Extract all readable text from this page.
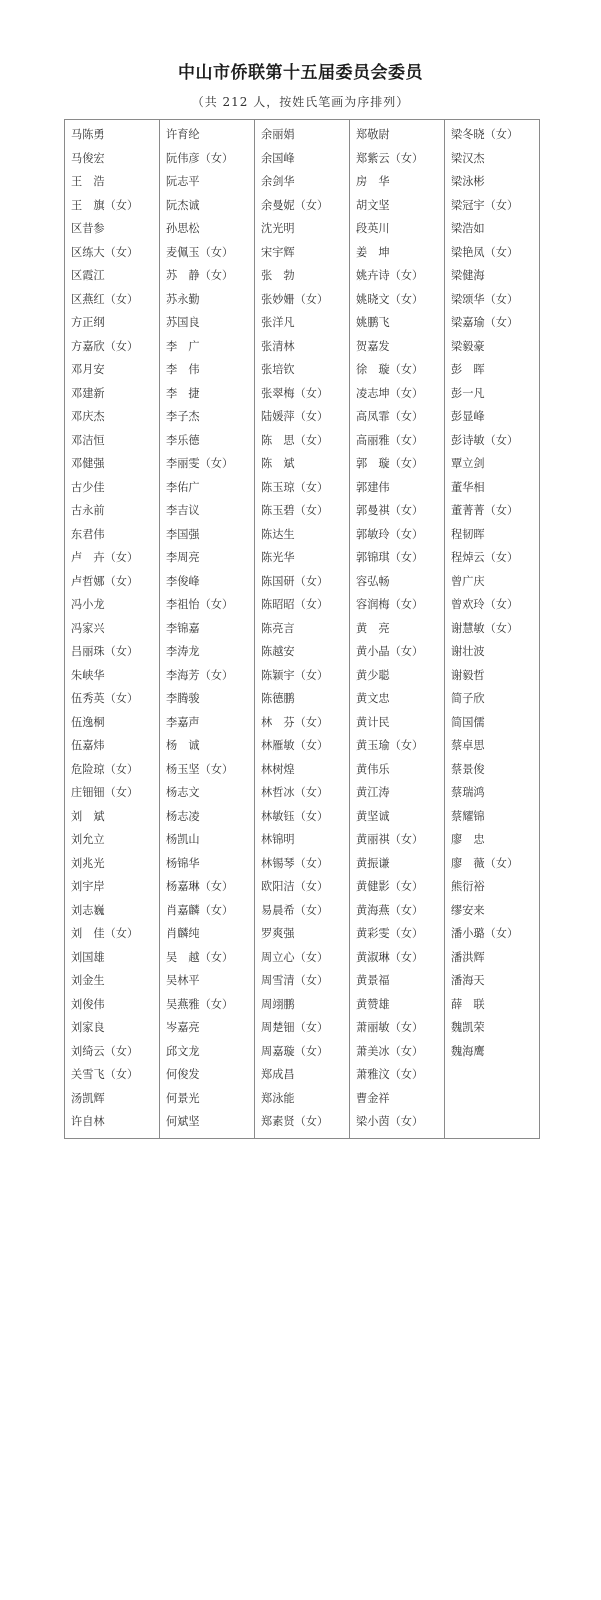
中山市侨联第十五届委员会委员
（共 212 人，按姓氏笔画为序排列）
马陈勇
马俊宏
王　浩
王　旗（女）
区昔参
区练大（女）
区霞江
区燕红（女）
方正纲
方嘉欣（女）
邓月安
邓建新
邓庆杰
邓洁恒
邓健强
古少佳
古永前
东君伟
卢　卉（女）
卢哲娜（女）
冯小龙
冯家兴
吕丽珠（女）
朱峡华
伍秀英（女）
伍逸桐
伍嘉炜
危险琼（女）
庄钿钿（女）
刘　斌
刘允立
刘兆光
刘宇岸
刘志巍
刘　佳（女）
刘国雄
刘金生
刘俊伟
刘家良
刘绮云（女）
关雪飞（女）
汤凯辉
许自林
许育纶
阮伟彦（女）
阮志平
阮杰诚
孙思松
麦佩玉（女）
苏　静（女）
苏永勤
苏国良
李　广
李　伟
李　捷
李子杰
李乐德
李丽雯（女）
李佑广
李吉议
李国强
李周亮
李俊峰
李祖怡（女）
李锦嘉
李涛龙
李海芳（女）
李腾骏
李嘉声
杨　诚
杨玉坚（女）
杨志文
杨志凌
杨凯山
杨锦华
杨嘉琳（女）
肖嘉麟（女）
肖麟纯
吴　越（女）
吴林平
吴燕雅（女）
岑嘉亮
邱文龙
何俊发
何景光
何斌坚
余丽娟
余国峰
余剑华
余曼妮（女）
沈光明
宋宇辉
张　勃
张妙姗（女）
张洋凡
张清林
张培钦
张翠梅（女）
陆媛萍（女）
陈　思（女）
陈　斌
陈玉琼（女）
陈玉碧（女）
陈达生
陈光华
陈国研（女）
陈昭昭（女）
陈亮言
陈越安
陈颖宇（女）
陈德鹏
林　芬（女）
林雁敏（女）
林树煌
林哲冰（女）
林敏钰（女）
林锦明
林锡琴（女）
欧阳洁（女）
易晨希（女）
罗爽强
周立心（女）
周雪清（女）
周翊鹏
周楚钿（女）
周嘉璇（女）
郑成昌
郑泳能
郑素贤（女）
郑敬尉
郑紫云（女）
房　华
胡文坚
段英川
姜　坤
姚卉诗（女）
姚晓文（女）
姚鹏飞
贺嘉发
徐　璇（女）
凌志坤（女）
高凤霏（女）
高丽雅（女）
郭　璇（女）
郭建伟
郭曼祺（女）
郭敏玲（女）
郭锦琪（女）
容弘畅
容润梅（女）
黄　亮
黄小晶（女）
黄少聪
黄文忠
黄计民
黄玉瑜（女）
黄伟乐
黄江涛
黄坚诚
黄丽祺（女）
黄振谦
黄健影（女）
黄海燕（女）
黄彩雯（女）
黄淑琳（女）
黄景福
黄赞雄
萧丽敏（女）
萧美冰（女）
萧雅汶（女）
曹金祥
梁小茵（女）
梁冬晓（女）
梁汉杰
梁泳彬
梁冠宇（女）
梁浩如
梁艳凤（女）
梁健海
梁颂华（女）
梁嘉瑜（女）
梁毅豪
彭　晖
彭一凡
彭显峰
彭诗敏（女）
覃立剑
董华相
董菁菁（女）
程韧晖
程焯云（女）
曾广庆
曾欢玲（女）
谢慧敏（女）
谢壮波
谢毅哲
简子欣
简国儒
蔡卓思
蔡景俊
蔡瑞鸿
蔡耀锦
廖　忠
廖　薇（女）
熊衍裕
缪安来
潘小璐（女）
潘洪辉
潘海天
薛　联
魏凯荣
魏海鹰
